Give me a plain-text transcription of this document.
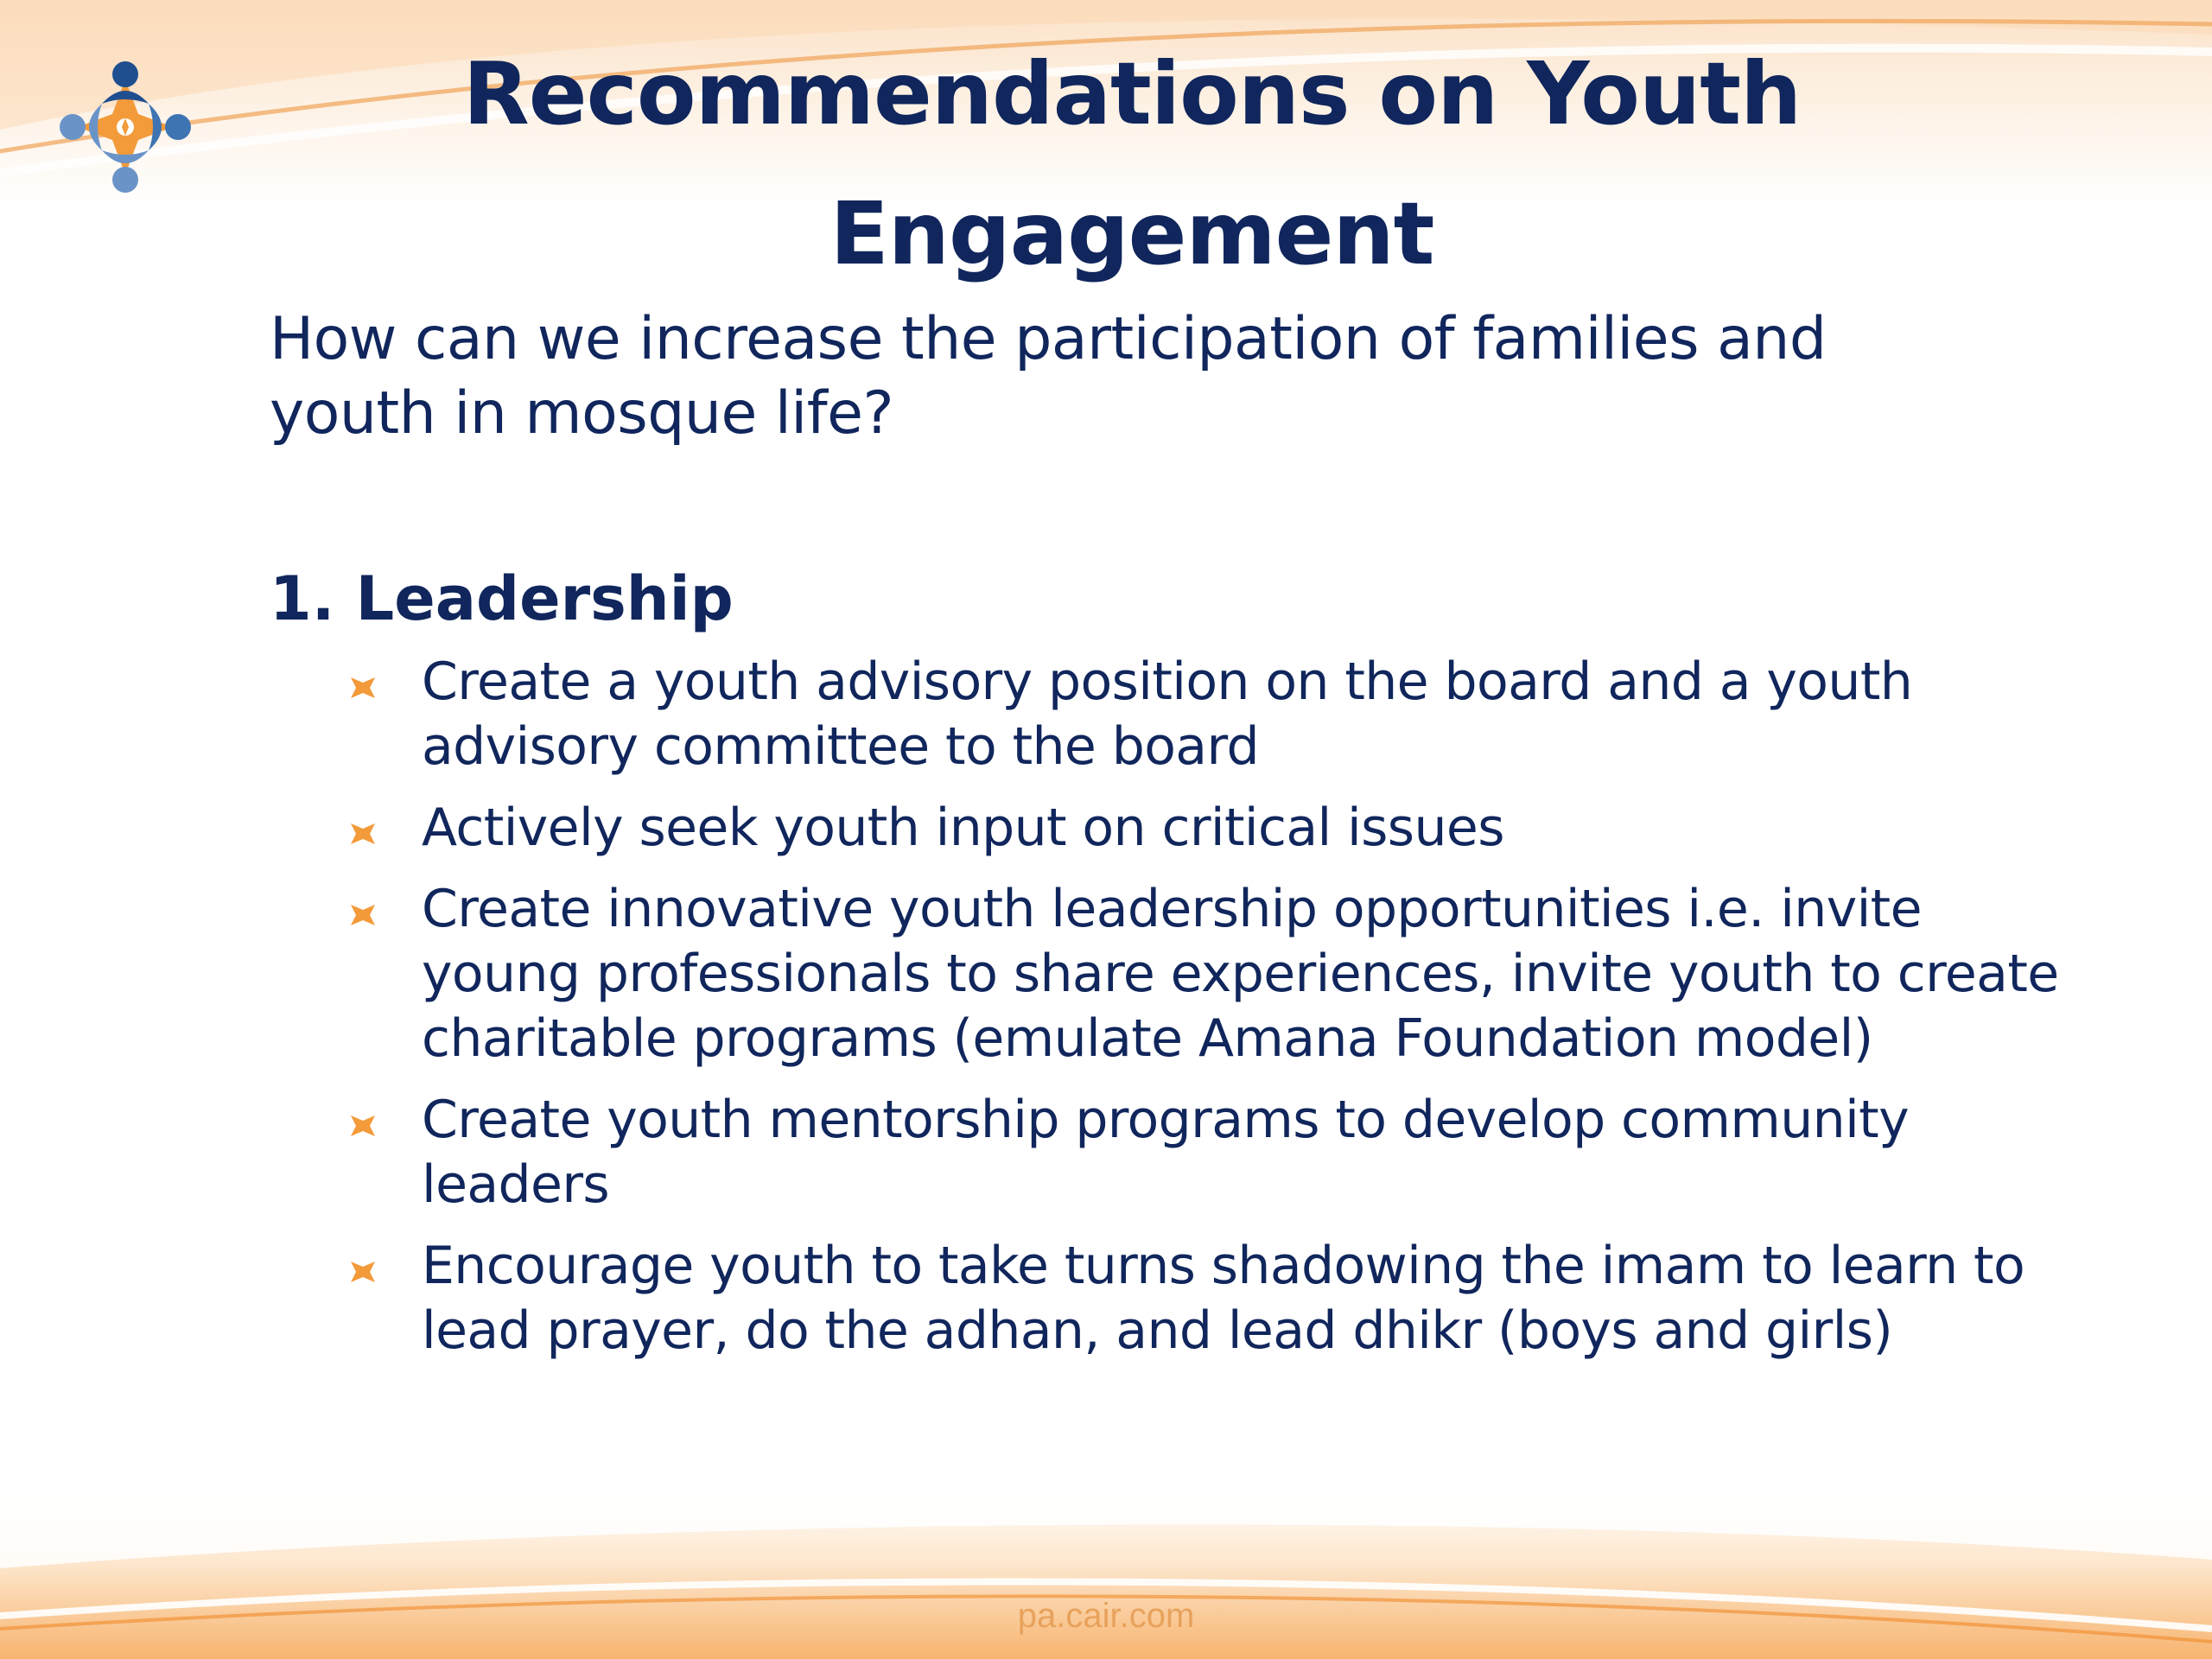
Recommendations on Youth Engagement
How can we increase the participation of families and youth in mosque life?
1. Leadership
Create a youth advisory position on the board and a youth advisory committee to the board
Actively seek youth input on critical issues
Create innovative youth leadership opportunities i.e. invite young professionals to share experiences, invite youth to create charitable programs (emulate Amana Foundation model)
Create youth mentorship programs to develop community leaders
Encourage youth to take turns shadowing the imam to learn to lead prayer, do the adhan, and lead dhikr (boys and girls)
pa.cair.com
